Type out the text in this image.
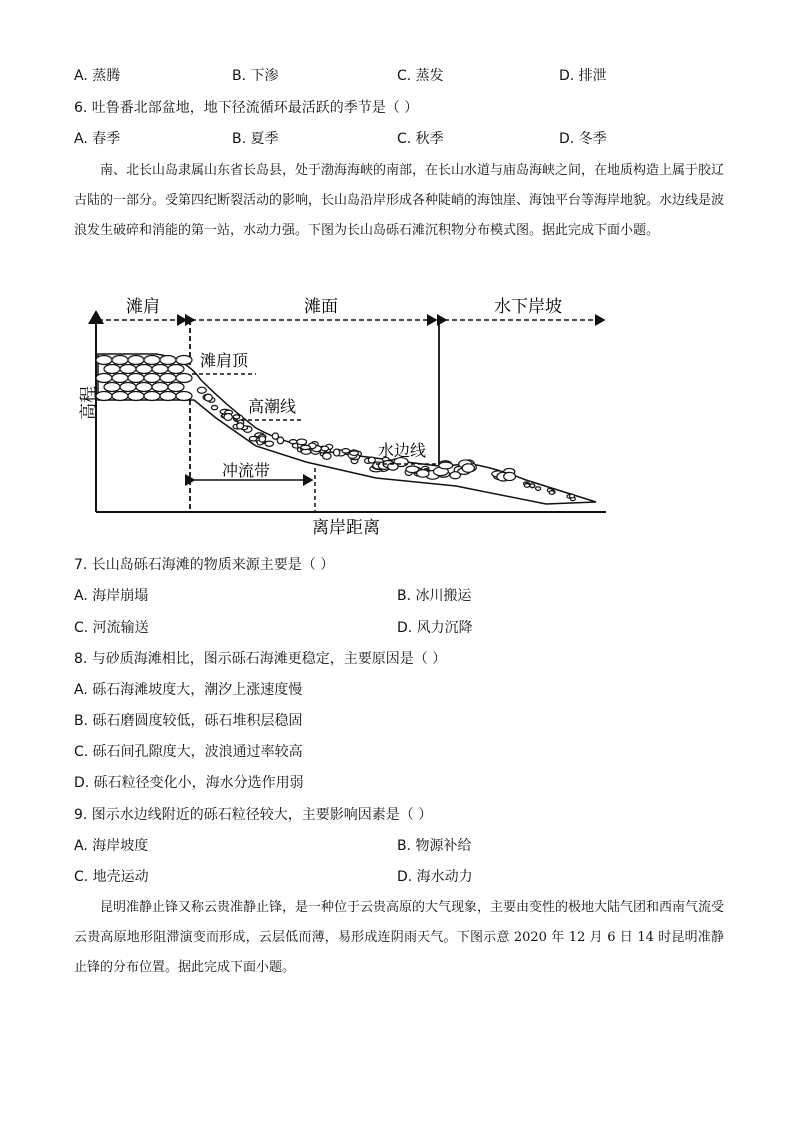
A. 蒸腾	B. 下渗	C. 蒸发	D. 排泄
6. 吐鲁番北部盆地，地下径流循环最活跃的季节是（ ）
A. 春季	B. 夏季	C. 秋季	D. 冬季
南、北长山岛隶属山东省长岛县，处于渤海海峡的南部，在长山水道与庙岛海峡之间，在地质构造上属于胶辽古陆的一部分。受第四纪断裂活动的影响，长山岛沿岸形成各种陡峭的海蚀崖、海蚀平台等海岸地貌。水边线是波浪发生破碎和消能的第一站，水动力强。下图为长山岛砾石滩沉积物分布模式图。据此完成下面小题。
滩肩	滩面	水下岸坡
滩肩顶
高潮线
水边线
冲流带
高程
离岸距离
7. 长山岛砾石海滩的物质来源主要是（ ）
A. 海岸崩塌	B. 冰川搬运
C. 河流输送	D. 风力沉降
8. 与砂质海滩相比，图示砾石海滩更稳定，主要原因是（ ）
A. 砾石海滩坡度大，潮汐上涨速度慢
B. 砾石磨圆度较低，砾石堆积层稳固
C. 砾石间孔隙度大，波浪通过率较高
D. 砾石粒径变化小，海水分选作用弱
9. 图示水边线附近的砾石粒径较大，主要影响因素是（ ）
A. 海岸坡度	B. 物源补给
C. 地壳运动	D. 海水动力
昆明准静止锋又称云贵准静止锋，是一种位于云贵高原的大气现象，主要由变性的极地大陆气团和西南气流受云贵高原地形阻滞演变而形成，云层低而薄，易形成连阴雨天气。下图示意 2020 年 12 月 6 日 14 时昆明准静止锋的分布位置。据此完成下面小题。
